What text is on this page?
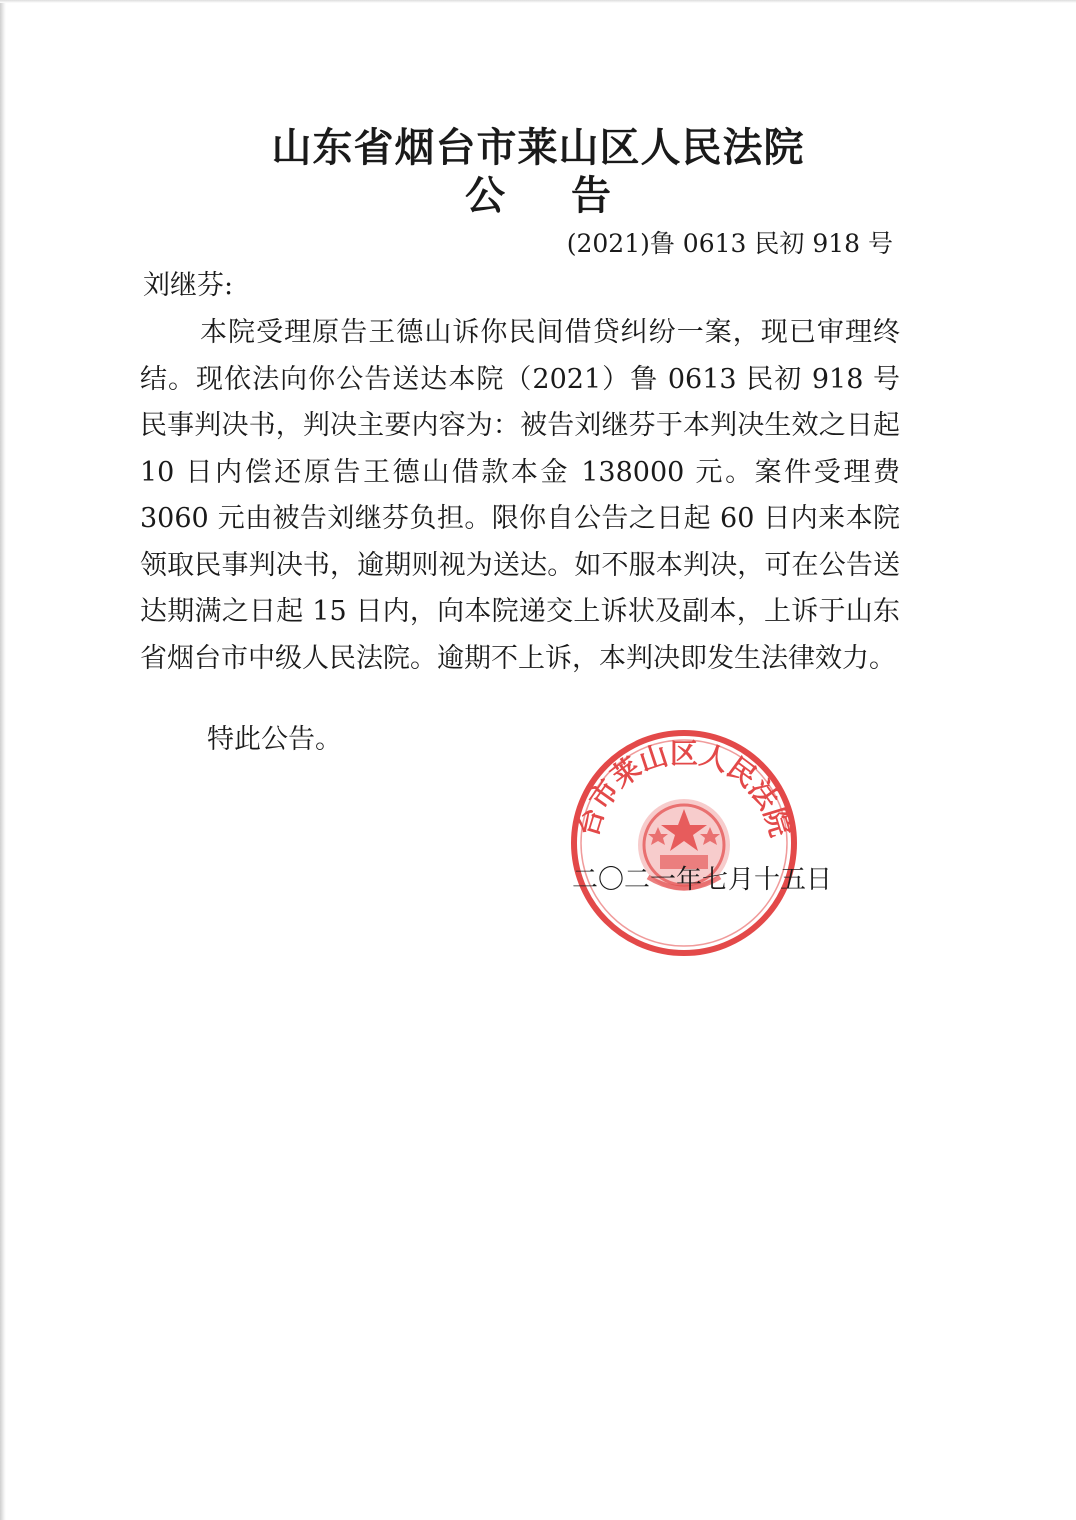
山东省烟台市莱山区人民法院
公 告
(2021)鲁 0613 民初 918 号
刘继芬:

本院受理原告王德山诉你民间借贷纠纷一案，现已审理终结。现依法向你公告送达本院（2021）鲁 0613 民初 918 号民事判决书，判决主要内容为：被告刘继芬于本判决生效之日起 10 日内偿还原告王德山借款本金 138000 元。案件受理费 3060 元由被告刘继芬负担。限你自公告之日起 60 日内来本院领取民事判决书，逾期则视为送达。如不服本判决，可在公告送达期满之日起 15 日内，向本院递交上诉状及副本，上诉于山东省烟台市中级人民法院。逾期不上诉，本判决即发生法律效力。

特此公告。
台市莱山区人民法院
二〇二一年七月十五日
